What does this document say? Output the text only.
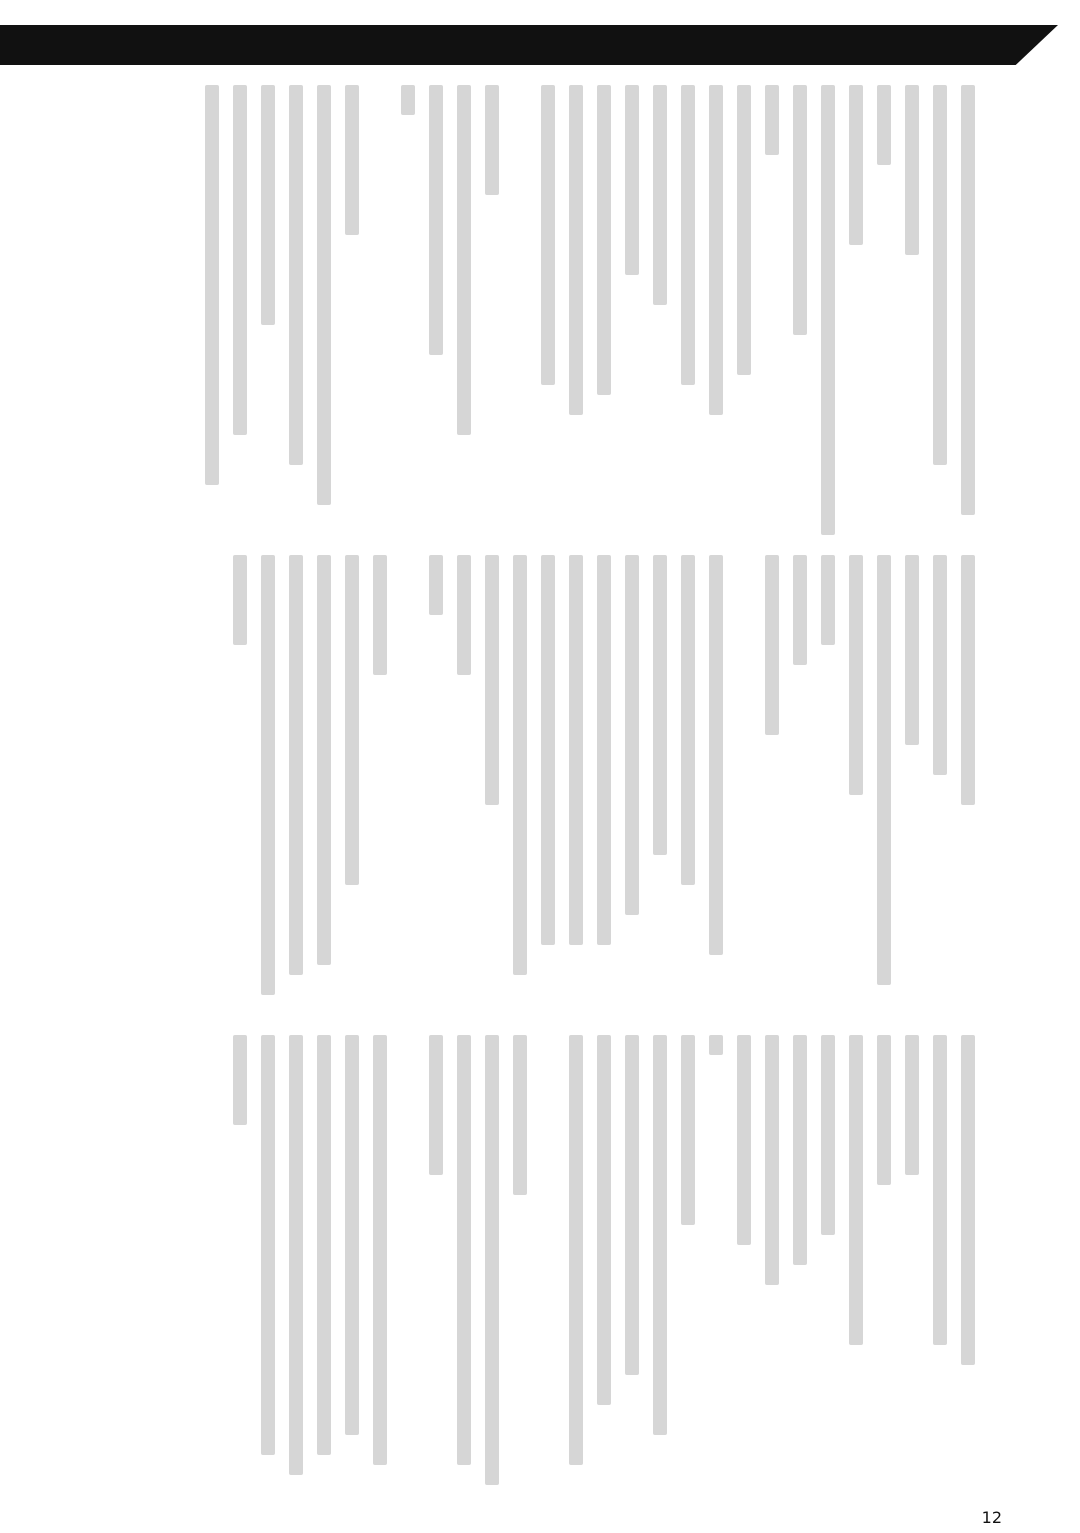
12
